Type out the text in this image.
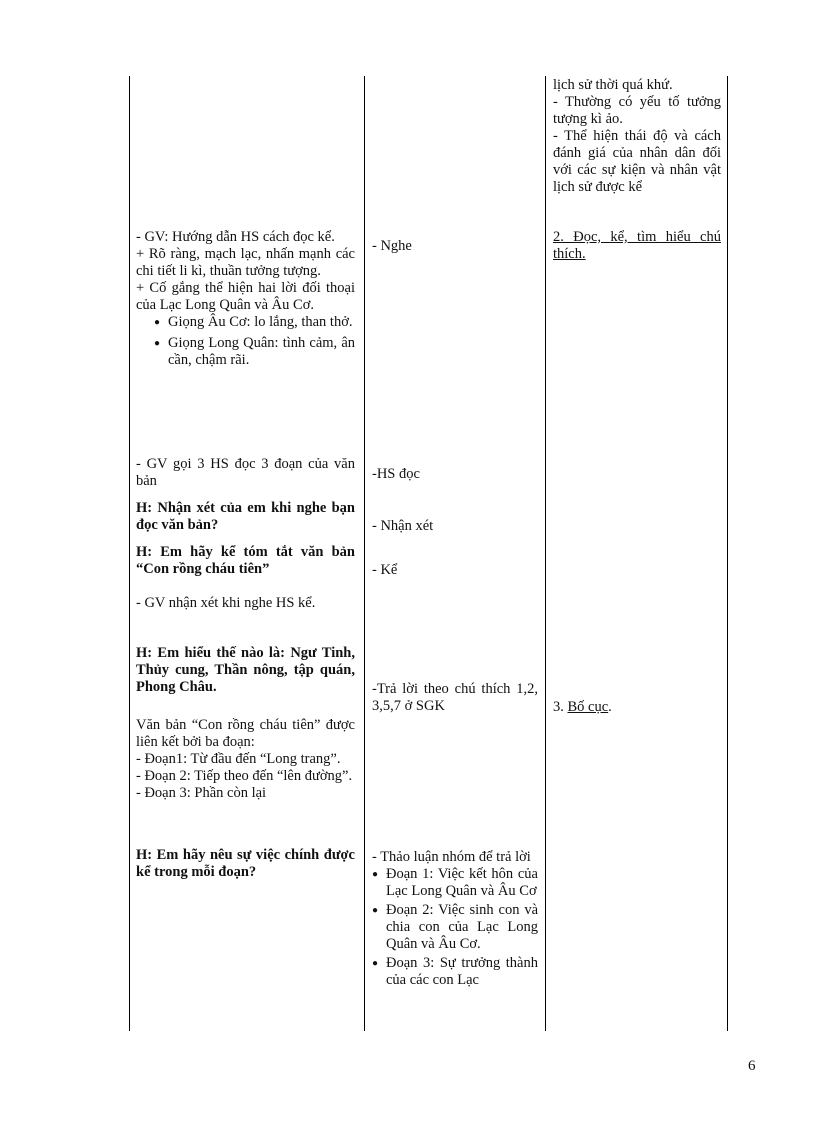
lịch sử thời quá khứ.

- Thường có yếu tố tưởng tượng kì ảo.

- Thể hiện thái độ và cách đánh giá của nhân dân đối với các sự kiện và nhân vật lịch sử được kể

2. Đọc, kể, tìm hiểu chú thích.
3. Bố cục.

- GV: Hướng dẫn HS cách đọc kể.

+ Rõ ràng, mạch lạc, nhấn mạnh các chi tiết li kì, thuần tưởng tượng.

+ Cố gắng thể hiện hai lời đối thoại của Lạc Long Quân và Âu Cơ.

● Giọng Âu Cơ: lo lắng, than thở.
● Giọng Long Quân: tình cảm, ân cần, chậm rãi.
- GV gọi 3 HS đọc 3 đoạn của văn bản
H: Nhận xét của em khi nghe bạn đọc văn bản?
H: Em hãy kể tóm tắt văn bản “Con rồng cháu tiên”
- GV nhận xét khi nghe HS kể.
H: Em hiểu thế nào là: Ngư Tinh, Thủy cung, Thần nông, tập quán, Phong Châu.

Văn bản “Con rồng cháu tiên” được liên kết bởi ba đoạn:

- Đoạn1: Từ đầu đến “Long trang”.

- Đoạn 2: Tiếp theo đến “lên đường”.

- Đoạn 3: Phần còn lại

H: Em hãy nêu sự việc chính được kể trong mỗi đoạn?
- Nghe
-HS đọc
- Nhận xét
- Kể
-Trả lời theo chú thích 1,2, 3,5,7 ở SGK

- Thảo luận nhóm để trả lời

● Đoạn 1: Việc kết hôn của Lạc Long Quân và Âu Cơ
● Đoạn 2: Việc sinh con và chia con của Lạc Long Quân và Âu Cơ.
● Đoạn 3: Sự trưởng thành của các con Lạc
6
